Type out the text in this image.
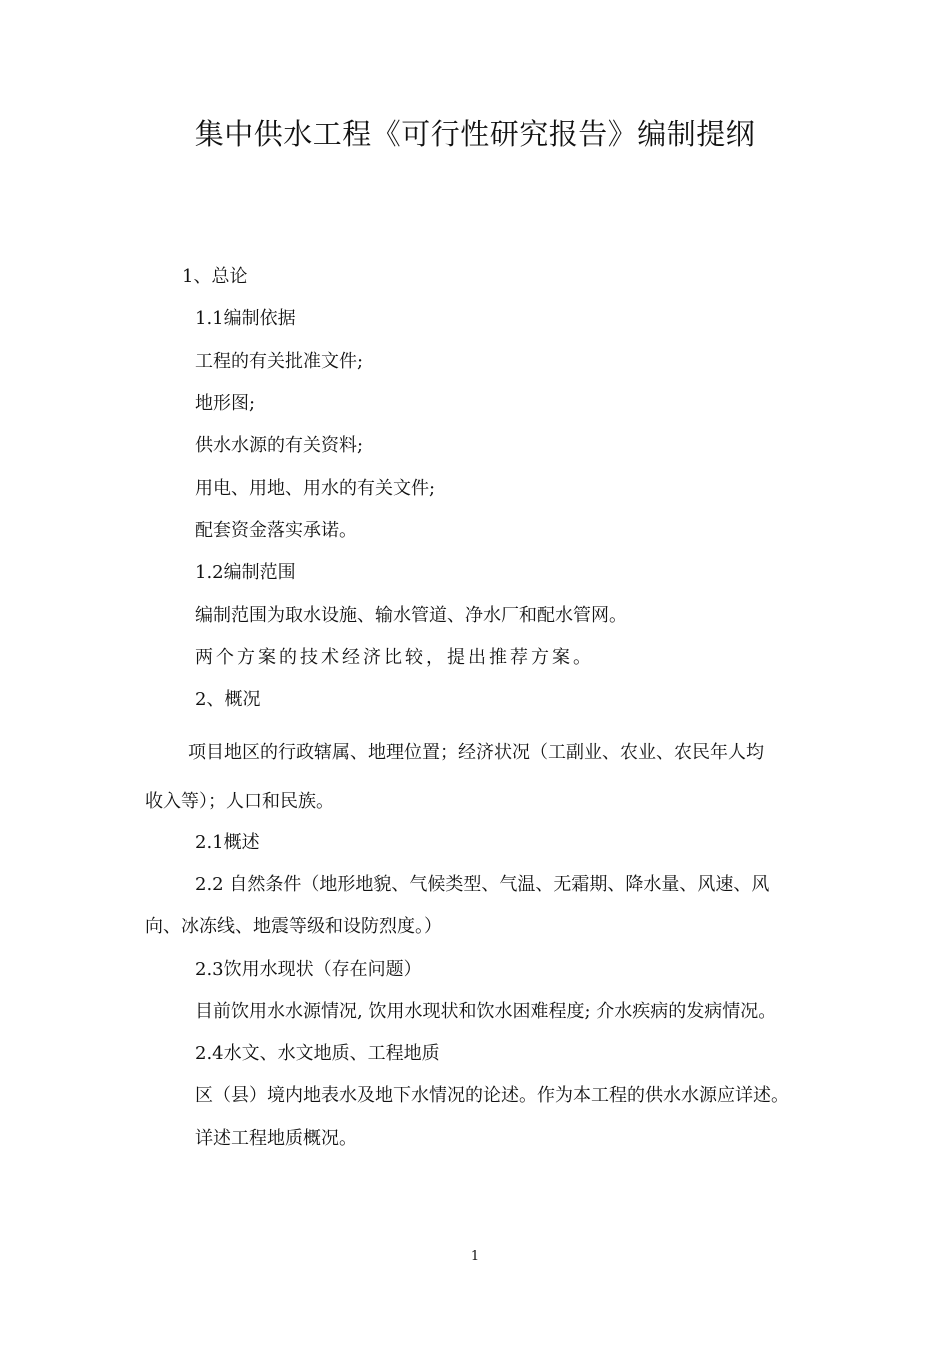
集中供水工程《可行性研究报告》编制提纲
1、总论
1.1编制依据
工程的有关批准文件;
地形图;
供水水源的有关资料;
用电、用地、用水的有关文件;
配套资金落实承诺。
1.2编制范围
编制范围为取水设施、输水管道、净水厂和配水管网。
两个方案的技术经济比较，提出推荐方案。
2、概况
项目地区的行政辖属、地理位置；经济状况（工副业、农业、农民年人均
收入等）；人口和民族。
2.1概述
2.2 自然条件（地形地貌、气候类型、气温、无霜期、降水量、风速、风
向、冰冻线、地震等级和设防烈度。）
2.3饮用水现状（存在问题）
目前饮用水水源情况, 饮用水现状和饮水困难程度; 介水疾病的发病情况。
2.4水文、水文地质、工程地质
区（县）境内地表水及地下水情况的论述。作为本工程的供水水源应详述。
详述工程地质概况。
1
